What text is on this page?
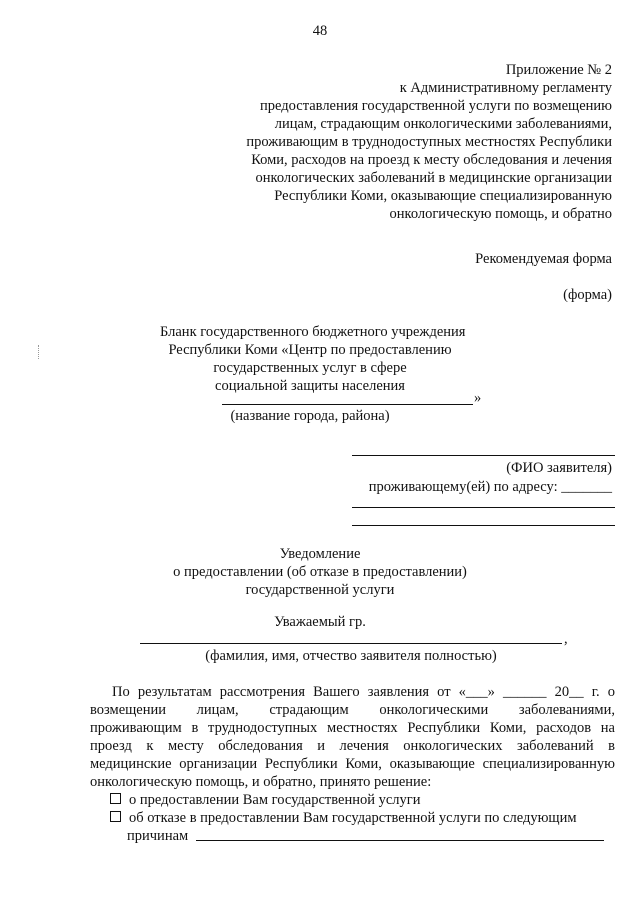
48
Приложение № 2
к Административному регламенту
предоставления государственной услуги по возмещению
лицам, страдающим онкологическими заболеваниями,
проживающим в труднодоступных местностях Республики
Коми, расходов на проезд к месту обследования и лечения
онкологических заболеваний в медицинские организации
Республики Коми, оказывающие специализированную
онкологическую помощь, и обратно
Рекомендуемая форма
(форма)
Бланк государственного бюджетного учреждения
Республики Коми «Центр по предоставлению
государственных услуг в сфере
социальной защиты населения
»
(название города, района)
(ФИО заявителя)
проживающему(ей) по адресу: _______
Уведомление
о предоставлении (об отказе в предоставлении)
государственной услуги
Уважаемый гр.
,
(фамилия, имя, отчество заявителя полностью)
По результатам рассмотрения Вашего заявления от «___» ______ 20__ г. о
возмещении лицам, страдающим онкологическими заболеваниями,
проживающим в труднодоступных местностях Республики Коми, расходов на
проезд к месту обследования и лечения онкологических заболеваний в
медицинские организации Республики Коми, оказывающие специализированную
онкологическую помощь, и обратно, принято решение:
о предоставлении Вам государственной услуги
об отказе в предоставлении Вам государственной услуги по следующим
причинам
